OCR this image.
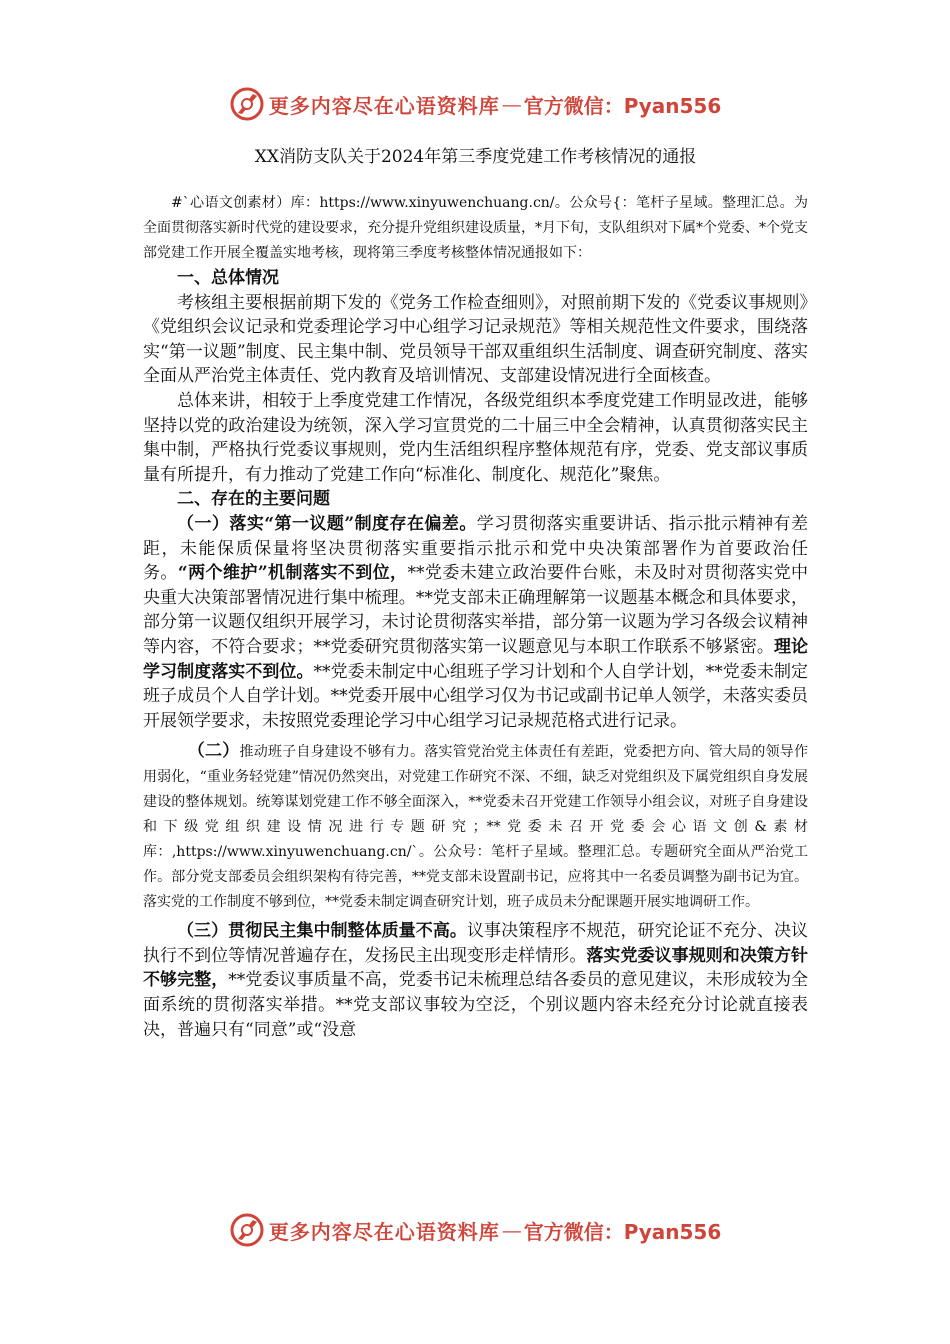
更多内容尽在心语资料库 — 官方微信：Pyan556

XX消防支队关于2024年第三季度党建工作考核情况的通报

#`心语文创素材）库：https://www.xinyuwenchuang.cn/。公众号{：笔杆子星域。整理汇总。为全面贯彻落实新时代党的建设要求，充分提升党组织建设质量，*月下旬，支队组织对下属*个党委、*个党支部党建工作开展全覆盖实地考核，现将第三季度考核整体情况通报如下：

一、总体情况

考核组主要根据前期下发的《党务工作检查细则》，对照前期下发的《党委议事规则》《党组织会议记录和党委理论学习中心组学习记录规范》等相关规范性文件要求，围绕落实“第一议题”制度、民主集中制、党员领导干部双重组织生活制度、调查研究制度、落实全面从严治党主体责任、党内教育及培训情况、支部建设情况进行全面核查。

总体来讲，相较于上季度党建工作情况，各级党组织本季度党建工作明显改进，能够坚持以党的政治建设为统领，深入学习宣贯党的二十届三中全会精神，认真贯彻落实民主集中制，严格执行党委议事规则，党内生活组织程序整体规范有序，党委、党支部议事质量有所提升，有力推动了党建工作向“标准化、制度化、规范化”聚焦。

二、存在的主要问题

（一）落实“第一议题”制度存在偏差。学习贯彻落实重要讲话、指示批示精神有差距，未能保质保量将坚决贯彻落实重要指示批示和党中央决策部署作为首要政治任务。“两个维护”机制落实不到位，**党委未建立政治要件台账，未及时对贯彻落实党中央重大决策部署情况进行集中梳理。**党支部未正确理解第一议题基本概念和具体要求，部分第一议题仅组织开展学习，未讨论贯彻落实举措，部分第一议题为学习各级会议精神等内容，不符合要求；**党委研究贯彻落实第一议题意见与本职工作联系不够紧密。理论学习制度落实不到位。**党委未制定中心组班子学习计划和个人自学计划，**党委未制定班子成员个人自学计划。**党委开展中心组学习仅为书记或副书记单人领学，未落实委员开展领学要求，未按照党委理论学习中心组学习记录规范格式进行记录。

（二）推动班子自身建设不够有力。落实管党治党主体责任有差距，党委把方向、管大局的领导作用弱化，“重业务轻党建”情况仍然突出，对党建工作研究不深、不细，缺乏对党组织及下属党组织自身发展建设的整体规划。统筹谋划党建工作不够全面深入，**党委未召开党建工作领导小组会议，对班子自身建设和下级党组织建设情况进行专题研究；**党委未召开党委会心语文创&素材库：,https://www.xinyuwenchuang.cn/`。公众号：笔杆子星域。整理汇总。专题研究全面从严治党工作。部分党支部委员会组织架构有待完善，**党支部未设置副书记，应将其中一名委员调整为副书记为宜。落实党的工作制度不够到位，**党委未制定调查研究计划，班子成员未分配课题开展实地调研工作。

（三）贯彻民主集中制整体质量不高。议事决策程序不规范，研究论证不充分、决议执行不到位等情况普遍存在，发扬民主出现变形走样情形。落实党委议事规则和决策方针不够完整，**党委议事质量不高，党委书记未梳理总结各委员的意见建议，未形成较为全面系统的贯彻落实举措。**党支部议事较为空泛，个别议题内容未经充分讨论就直接表决，普遍只有“同意”或“没意

更多内容尽在心语资料库 — 官方微信：Pyan556
